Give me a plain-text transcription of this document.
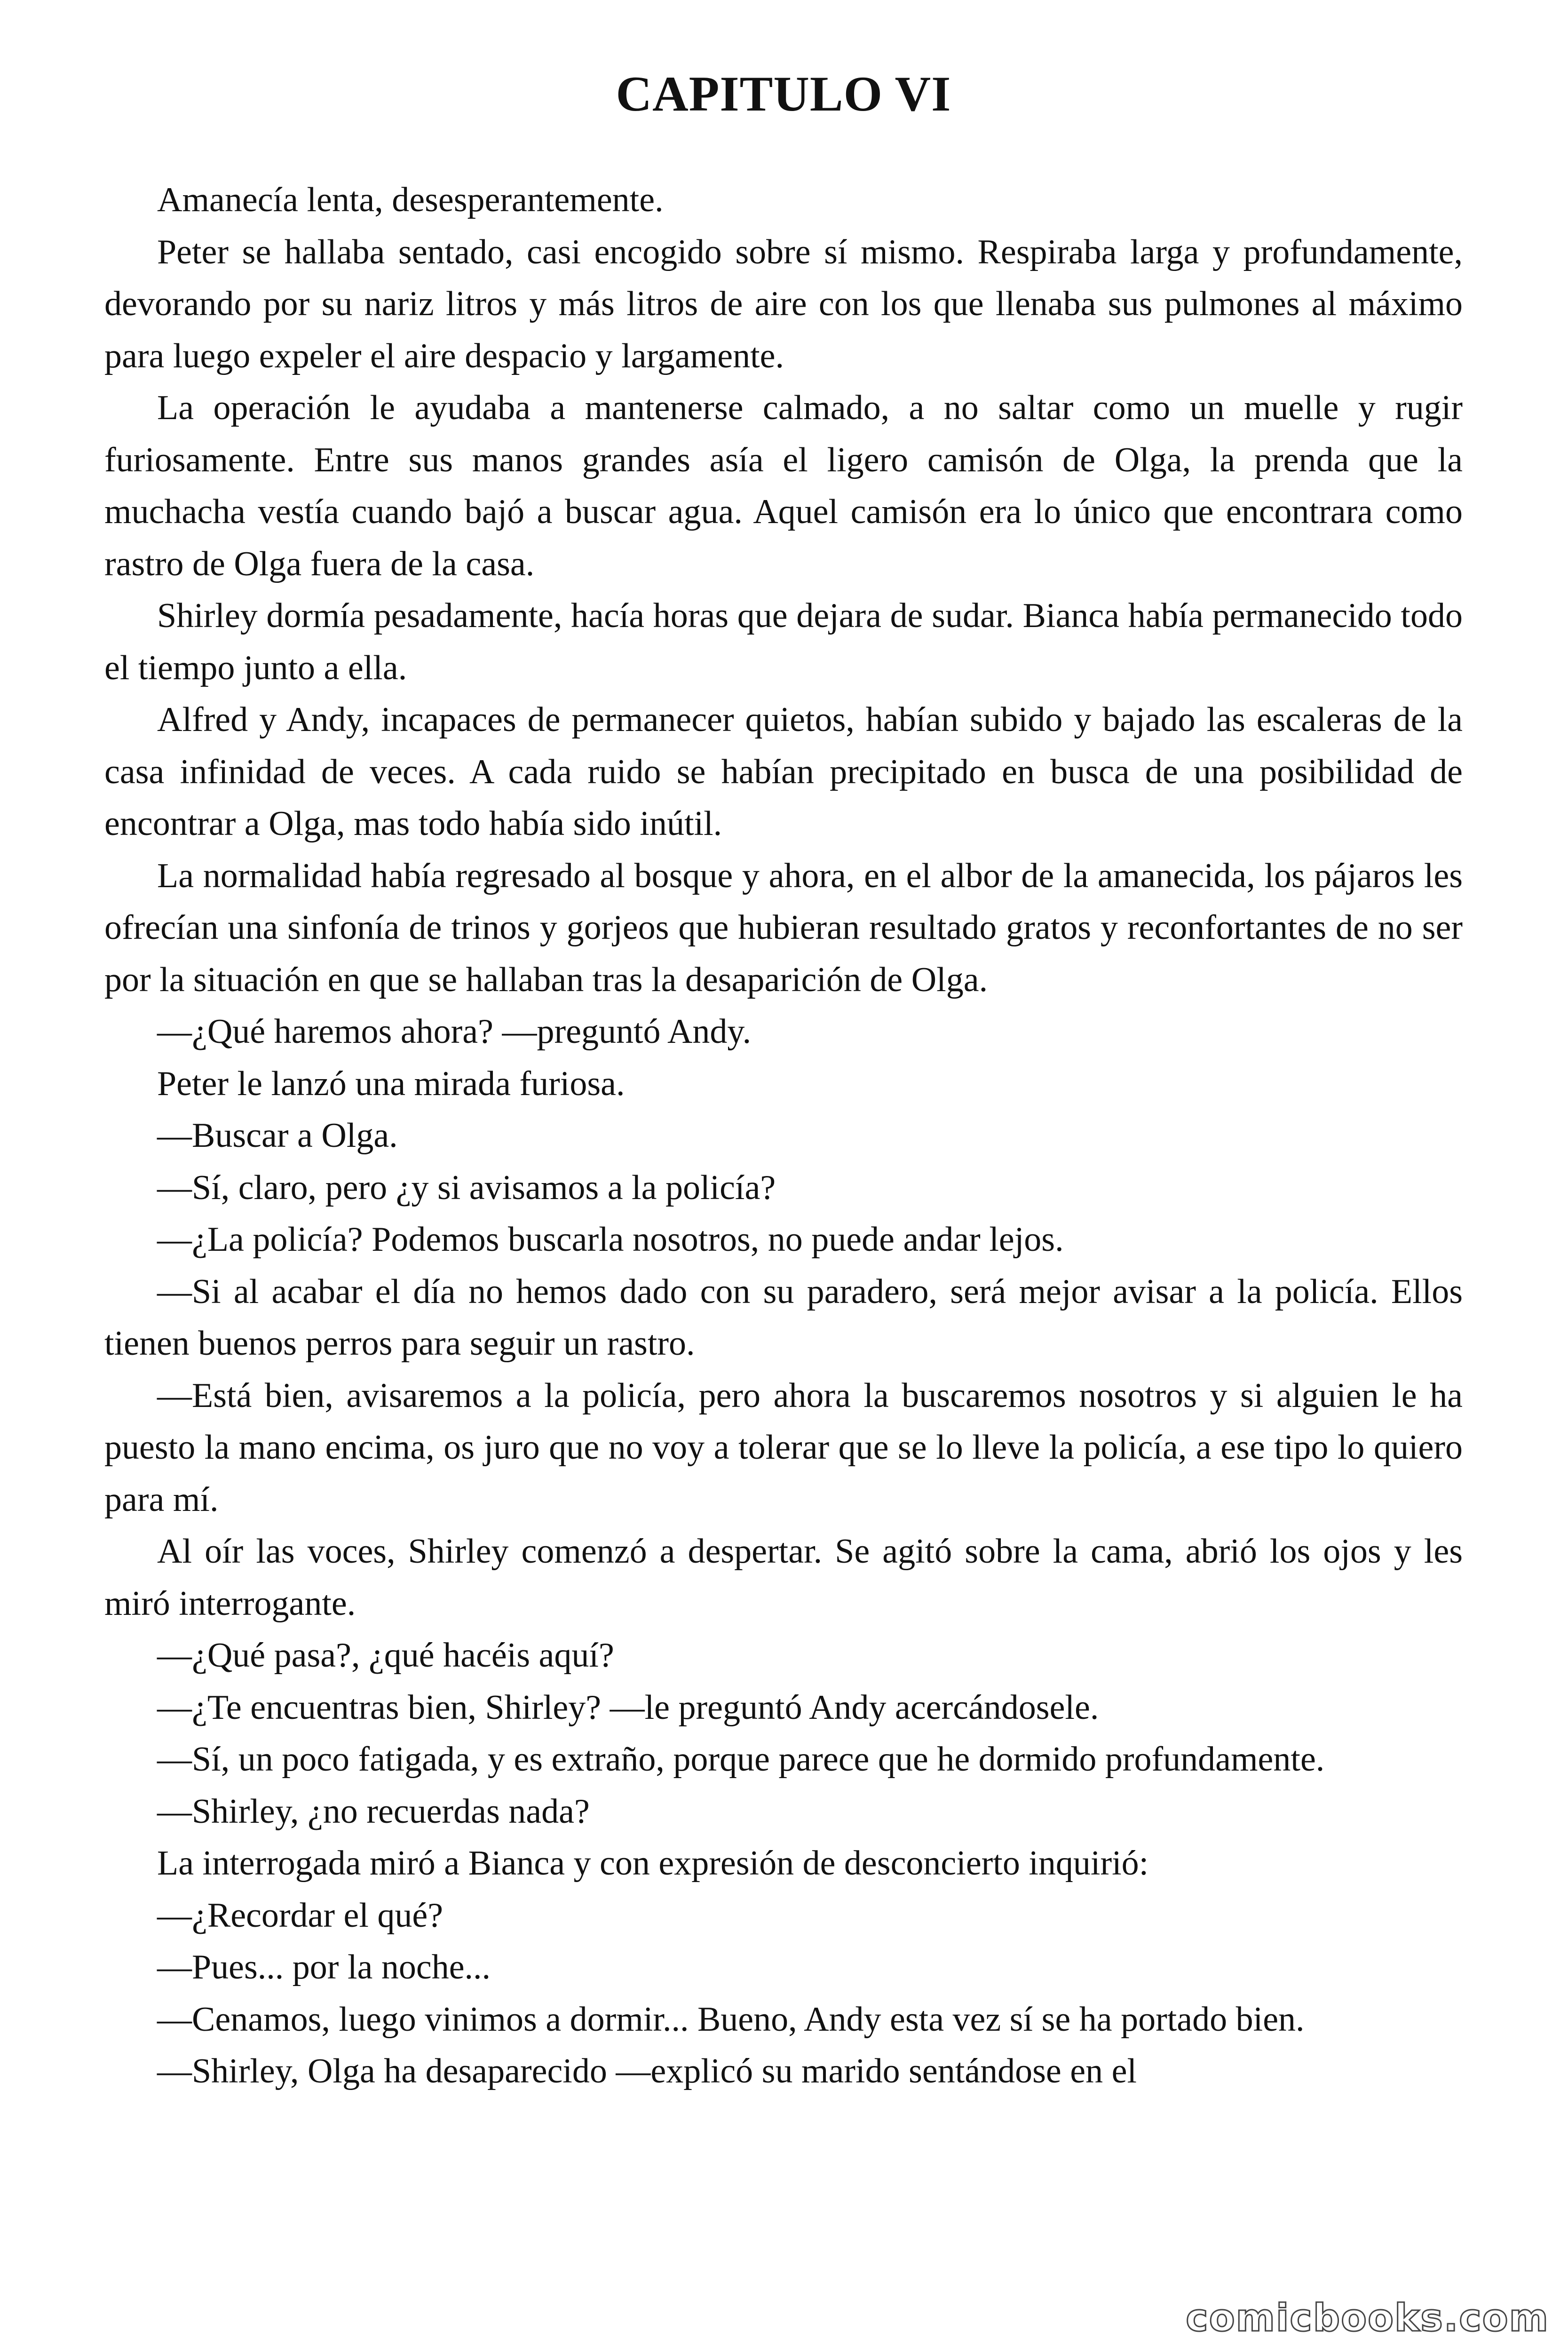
CAPITULO VI

Amanecía lenta, desesperantemente.

Peter se hallaba sentado, casi encogido sobre sí mismo. Respiraba larga y profundamente, devorando por su nariz litros y más litros de aire con los que llenaba sus pulmones al máximo para luego expeler el aire despacio y largamente.

La operación le ayudaba a mantenerse calmado, a no saltar como un muelle y rugir furiosamente. Entre sus manos grandes asía el ligero camisón de Olga, la prenda que la muchacha vestía cuando bajó a buscar agua. Aquel camisón era lo único que encontrara como rastro de Olga fuera de la casa.

Shirley dormía pesadamente, hacía horas que dejara de sudar. Bianca había permanecido todo el tiempo junto a ella.

Alfred y Andy, incapaces de permanecer quietos, habían subido y bajado las escaleras de la casa infinidad de veces. A cada ruido se habían precipitado en busca de una posibilidad de encontrar a Olga, mas todo había sido inútil.

La normalidad había regresado al bosque y ahora, en el albor de la amanecida, los pájaros les ofrecían una sinfonía de trinos y gorjeos que hubieran resultado gratos y reconfortantes de no ser por la situación en que se hallaban tras la desaparición de Olga.

—¿Qué haremos ahora? —preguntó Andy.

Peter le lanzó una mirada furiosa.

—Buscar a Olga.

—Sí, claro, pero ¿y si avisamos a la policía?

—¿La policía? Podemos buscarla nosotros, no puede andar lejos.

—Si al acabar el día no hemos dado con su paradero, será mejor avisar a la policía. Ellos tienen buenos perros para seguir un rastro.

—Está bien, avisaremos a la policía, pero ahora la buscaremos nosotros y si alguien le ha puesto la mano encima, os juro que no voy a tolerar que se lo lleve la policía, a ese tipo lo quiero para mí.

Al oír las voces, Shirley comenzó a despertar. Se agitó sobre la cama, abrió los ojos y les miró interrogante.

—¿Qué pasa?, ¿qué hacéis aquí?

—¿Te encuentras bien, Shirley? —le preguntó Andy acercándosele.

—Sí, un poco fatigada, y es extraño, porque parece que he dormido profundamente.

—Shirley, ¿no recuerdas nada?

La interrogada miró a Bianca y con expresión de desconcierto inquirió:

—¿Recordar el qué?

—Pues... por la noche...

—Cenamos, luego vinimos a dormir... Bueno, Andy esta vez sí se ha portado bien.

—Shirley, Olga ha desaparecido —explicó su marido sentándose en el

comicbooks.com
